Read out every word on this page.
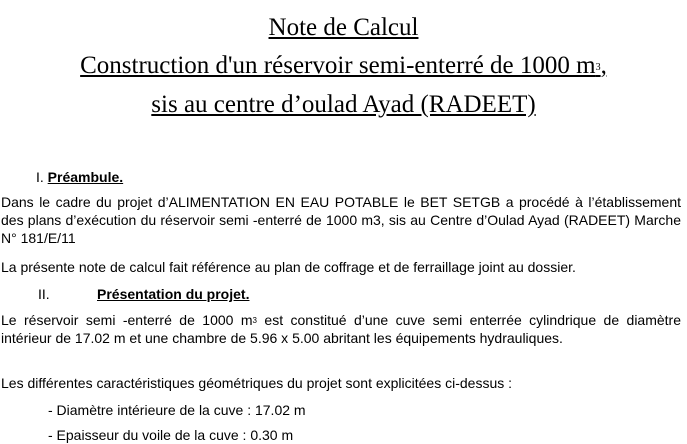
Note de Calcul
Construction d'un réservoir semi-enterré de 1000 $m^3$,
sis au centre d’oulad Ayad (RADEET)
I. Préambule.
Dans le cadre du projet d’ALIMENTATION EN EAU POTABLE le BET SETGB a procédé à l’établissement des plans d’exécution du réservoir semi -enterré de 1000 m3, sis au Centre d’Oulad Ayad (RADEET) Marche N° 181/E/11
La présente note de calcul fait référence au plan de coffrage et de ferraillage joint au dossier.
II.	Présentation du projet.
Le réservoir semi -enterré de 1000 $m^3$ est constitué d’une cuve semi enterrée cylindrique de diamètre intérieur de 17.02 m et une chambre de 5.96 x 5.00 abritant les équipements hydrauliques.
Les différentes caractéristiques géométriques du projet sont explicitées ci-dessus :
- Diamètre intérieure de la cuve : 17.02 m
- Epaisseur du voile de la cuve : 0.30 m
